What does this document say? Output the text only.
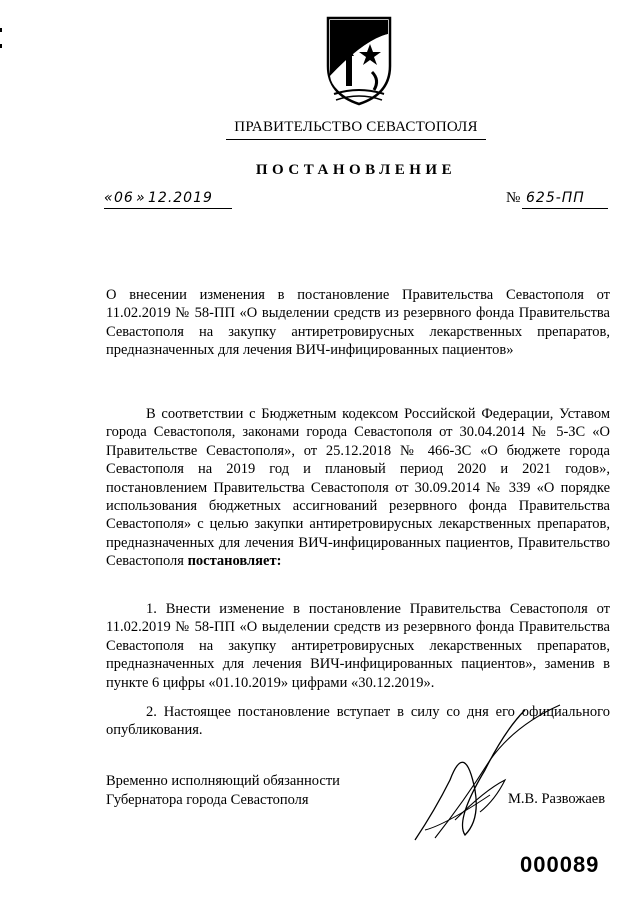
ПРАВИТЕЛЬСТВО СЕВАСТОПОЛЯ
ПОСТАНОВЛЕНИЕ
« 06 » 12.2019	№ 625-ПП
О внесении изменения в постановление Правительства Севастополя от 11.02.2019 № 58-ПП «О выделении средств из резервного фонда Правительства Севастополя на закупку антиретровирусных лекарственных препаратов, предназначенных для лечения ВИЧ-инфицированных пациентов»
В соответствии с Бюджетным кодексом Российской Федерации, Уставом города Севастополя, законами города Севастополя от 30.04.2014 № 5-ЗС «О Правительстве Севастополя», от 25.12.2018 № 466-ЗС «О бюджете города Севастополя на 2019 год и плановый период 2020 и 2021 годов», постановлением Правительства Севастополя от 30.09.2014 № 339 «О порядке использования бюджетных ассигнований резервного фонда Правительства Севастополя» с целью закупки антиретровирусных лекарственных препаратов, предназначенных для лечения ВИЧ-инфицированных пациентов, Правительство Севастополя постановляет:
1. Внести изменение в постановление Правительства Севастополя от 11.02.2019 № 58-ПП «О выделении средств из резервного фонда Правительства Севастополя на закупку антиретровирусных лекарственных препаратов, предназначенных для лечения ВИЧ-инфицированных пациентов», заменив в пункте 6 цифры «01.10.2019» цифрами «30.12.2019».
2. Настоящее постановление вступает в силу со дня его официального опубликования.
Временно исполняющий обязанности
Губернатора города Севастополя	М.В. Развожаев
000089
